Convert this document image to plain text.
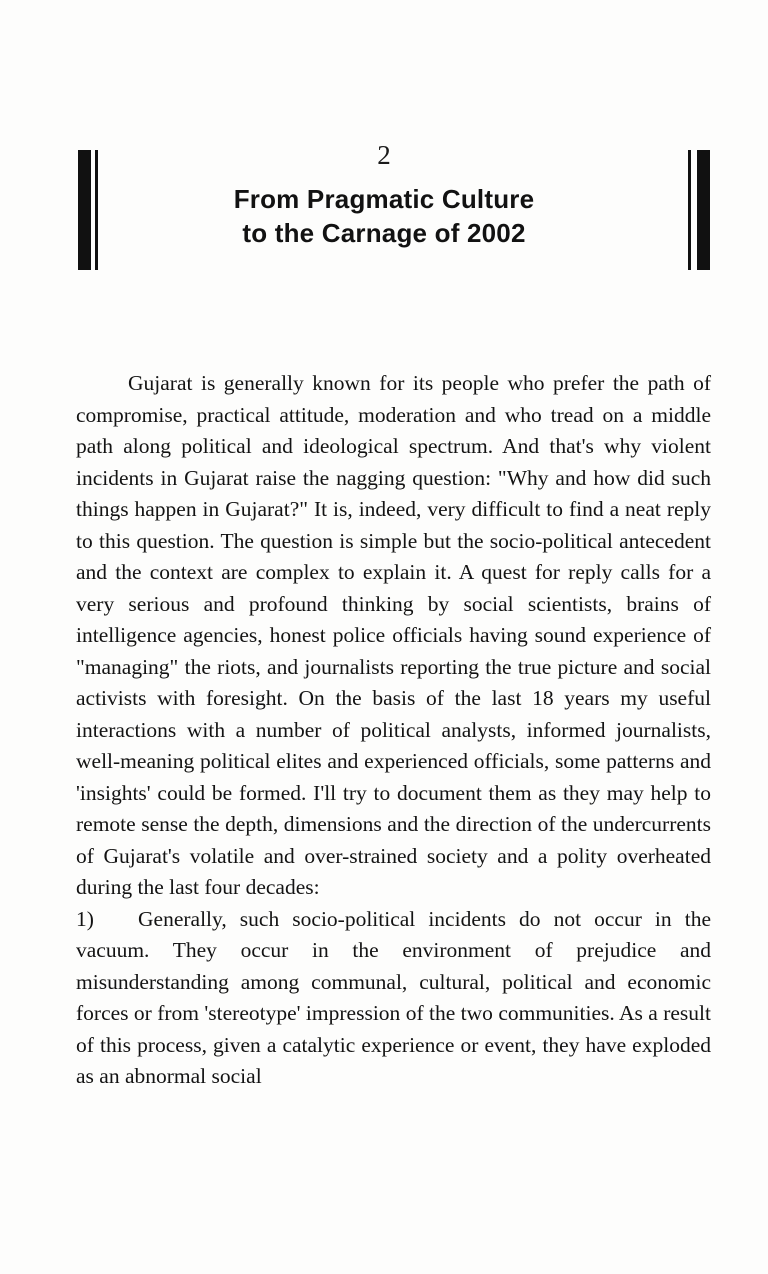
2

From Pragmatic Culture
to the Carnage of 2002

Gujarat is generally known for its people who prefer the path of compromise, practical attitude, moderation and who tread on a middle path along political and ideological spectrum. And that's why violent incidents in Gujarat raise the nagging question: "Why and how did such things happen in Gujarat?" It is, indeed, very difficult to find a neat reply to this question. The question is simple but the socio-political antecedent and the context are complex to explain it. A quest for reply calls for a very serious and profound thinking by social scientists, brains of intelligence agencies, honest police officials having sound experience of "managing" the riots, and journalists reporting the true picture and social activists with foresight. On the basis of the last 18 years my useful interactions with a number of political analysts, informed journalists, well-meaning political elites and experienced officials, some patterns and 'insights' could be formed. I'll try to document them as they may help to remote sense the depth, dimensions and the direction of the undercurrents of Gujarat's volatile and over-strained society and a polity overheated during the last four decades:

1) Generally, such socio-political incidents do not occur in the vacuum. They occur in the environment of prejudice and misunderstanding among communal, cultural, political and economic forces or from 'stereotype' impression of the two communities. As a result of this process, given a catalytic experience or event, they have exploded as an abnormal social
